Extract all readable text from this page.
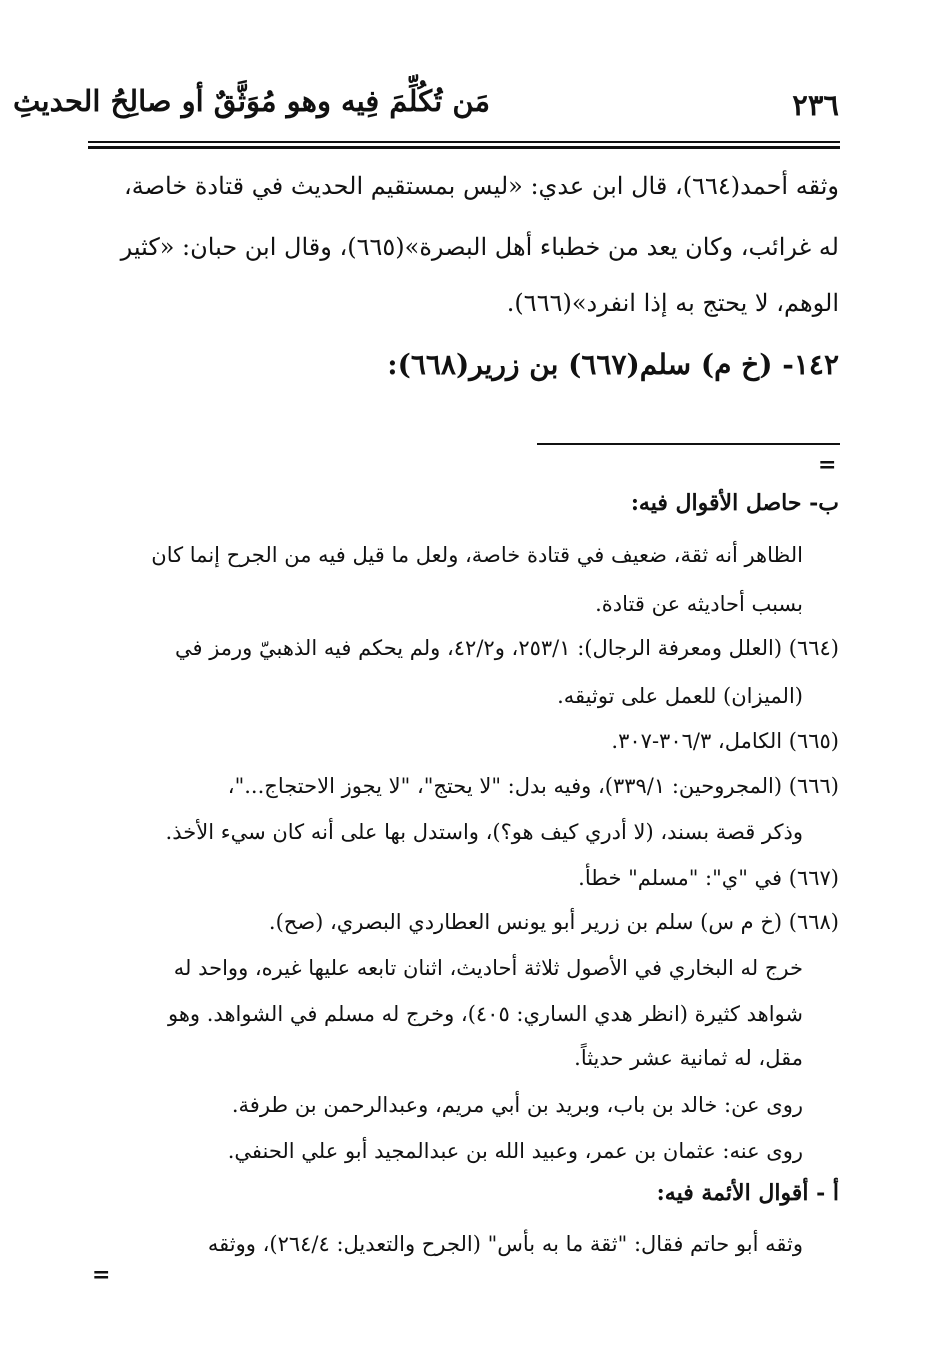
٢٣٦
مَن تُكُلِّمَ فِيه وهو مُوَثَّقٌ أو صالِحُ الحديثِ
وثقه أحمد(٦٦٤)، قال ابن عدي: «ليس بمستقيم الحديث في قتادة خاصة،
له غرائب، وكان يعد من خطباء أهل البصرة»(٦٦٥)، وقال ابن حبان: «كثير
الوهم، لا يحتج به إذا انفرد»(٦٦٦).
١٤٢- (خ م) سلم(٦٦٧) بن زرير(٦٦٨):
=
ب- حاصل الأقوال فيه:
الظاهر أنه ثقة، ضعيف في قتادة خاصة، ولعل ما قيل فيه من الجرح إنما كان
بسبب أحاديثه عن قتادة.
(٦٦٤) (العلل ومعرفة الرجال): ٢٥٣/١، و٤٢/٢، ولم يحكم فيه الذهبيّ ورمز في
(الميزان) للعمل على توثيقه.
(٦٦٥) الكامل، ٣٠٦/٣-٣٠٧.
(٦٦٦) (المجروحين: ٣٣٩/١)، وفيه بدل: "لا يحتج"، "لا يجوز الاحتجاج..."،
وذكر قصة بسند، (لا أدري كيف هو؟)، واستدل بها على أنه كان سيء الأخذ.
(٦٦٧) في "ي": "مسلم" خطأ.
(٦٦٨) (خ م س) سلم بن زرير أبو يونس العطاردي البصري، (صح).
خرج له البخاري في الأصول ثلاثة أحاديث، اثنان تابعه عليها غيره، وواحد له
شواهد كثيرة (انظر هدي الساري: ٤٠٥)، وخرج له مسلم في الشواهد. وهو
مقل، له ثمانية عشر حديثاً.
روى عن: خالد بن باب، وبريد بن أبي مريم، وعبدالرحمن بن طرفة.
روى عنه: عثمان بن عمر، وعبيد الله بن عبدالمجيد أبو علي الحنفي.
أ - أقوال الأئمة فيه:
وثقه أبو حاتم فقال: "ثقة ما به بأس" (الجرح والتعديل: ٢٦٤/٤)، ووثقه
=
